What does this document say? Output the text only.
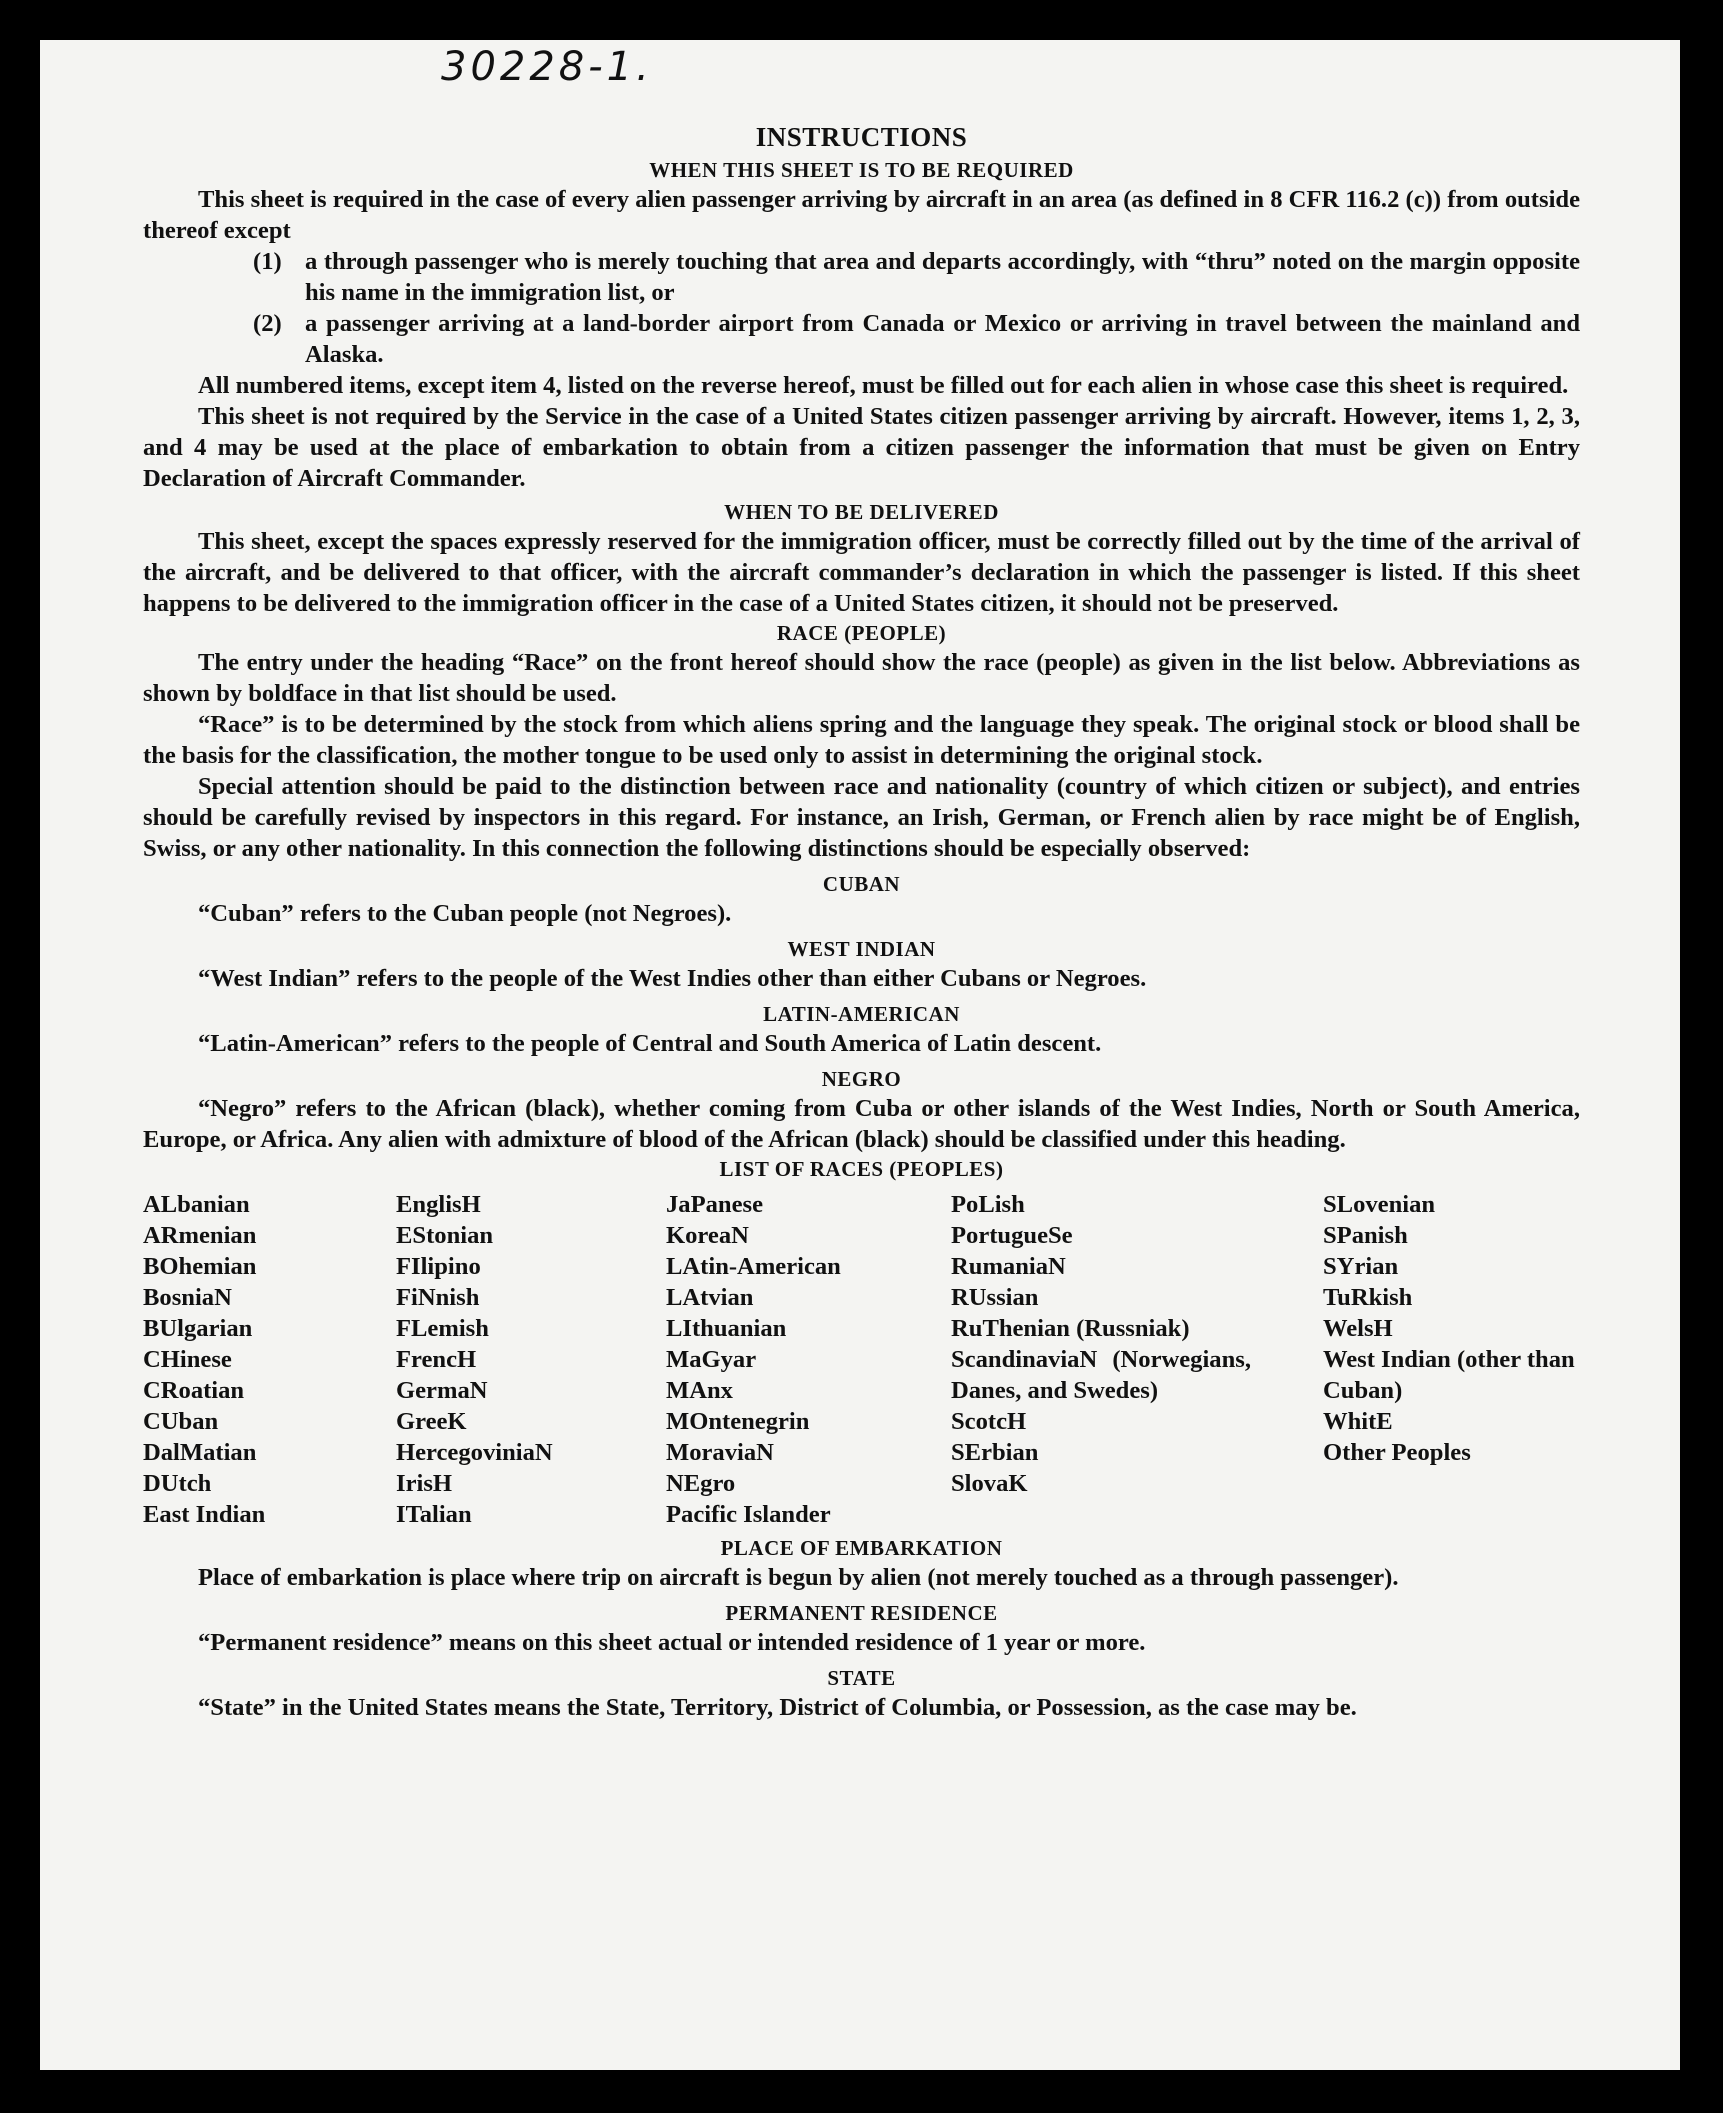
30228-1.
INSTRUCTIONS
WHEN THIS SHEET IS TO BE REQUIRED

This sheet is required in the case of every alien passenger arriving by aircraft in an area (as defined in 8 CFR 116.2 (c)) from outside thereof except

(1) a through passenger who is merely touching that area and departs accordingly, with “thru” noted on the margin opposite his name in the immigration list, or
(2) a passenger arriving at a land-border airport from Canada or Mexico or arriving in travel between the mainland and Alaska.

All numbered items, except item 4, listed on the reverse hereof, must be filled out for each alien in whose case this sheet is required.

This sheet is not required by the Service in the case of a United States citizen passenger arriving by aircraft. However, items 1, 2, 3, and 4 may be used at the place of embarkation to obtain from a citizen passenger the information that must be given on Entry Declaration of Aircraft Commander.

WHEN TO BE DELIVERED

This sheet, except the spaces expressly reserved for the immigration officer, must be correctly filled out by the time of the arrival of the aircraft, and be delivered to that officer, with the aircraft commander’s declaration in which the passenger is listed. If this sheet happens to be delivered to the immigration officer in the case of a United States citizen, it should not be preserved.

RACE (PEOPLE)

The entry under the heading “Race” on the front hereof should show the race (people) as given in the list below. Abbreviations as shown by boldface in that list should be used.

“Race” is to be determined by the stock from which aliens spring and the language they speak. The original stock or blood shall be the basis for the classification, the mother tongue to be used only to assist in determining the original stock.

Special attention should be paid to the distinction between race and nationality (country of which citizen or subject), and entries should be carefully revised by inspectors in this regard. For instance, an Irish, German, or French alien by race might be of English, Swiss, or any other nationality. In this connection the following distinctions should be especially observed:

CUBAN

“Cuban” refers to the Cuban people (not Negroes).

WEST INDIAN

“West Indian” refers to the people of the West Indies other than either Cubans or Negroes.

LATIN-AMERICAN

“Latin-American” refers to the people of Central and South America of Latin descent.

NEGRO

“Negro” refers to the African (black), whether coming from Cuba or other islands of the West Indies, North or South America, Europe, or Africa. Any alien with admixture of blood of the African (black) should be classified under this heading.

LIST OF RACES (PEOPLES)
ALbanian
ARmenian
BOhemian
BosniaN
BUlgarian
CHinese
CRoatian
CUban
DalMatian
DUtch
East Indian
EnglisH
EStonian
FIlipino
FiNnish
FLemish
FrencH
GermaN
GreeK
HercegoviniaN
IrisH
ITalian
JaPanese
KoreaN
LAtin-American
LAtvian
LIthuanian
MaGyar
MAnx
MOntenegrin
MoraviaN
NEgro
Pacific Islander
PoLish
PortugueSe
RumaniaN
RUssian
RuThenian (Russniak)
ScandinaviaN (Norwegians, Danes, and Swedes)
ScotcH
SErbian
SlovaK
SLovenian
SPanish
SYrian
TuRkish
WelsH
West Indian (other than Cuban)
WhitE
Other Peoples
PLACE OF EMBARKATION

Place of embarkation is place where trip on aircraft is begun by alien (not merely touched as a through passenger).

PERMANENT RESIDENCE

“Permanent residence” means on this sheet actual or intended residence of 1 year or more.

STATE

“State” in the United States means the State, Territory, District of Columbia, or Possession, as the case may be.
